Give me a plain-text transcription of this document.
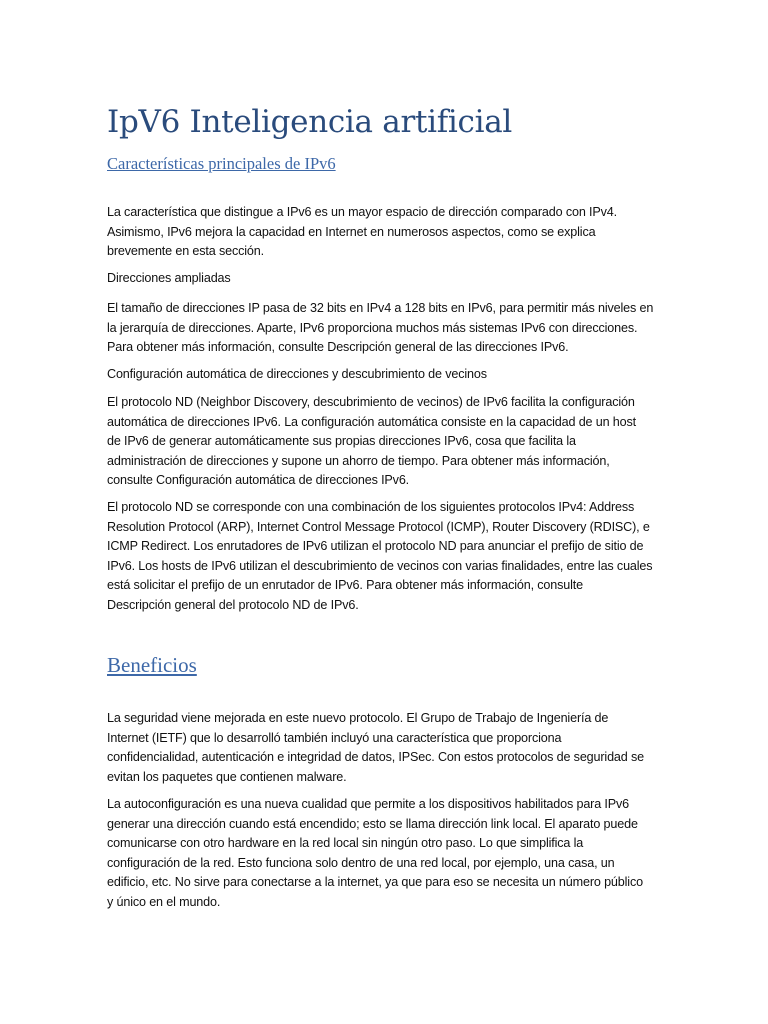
IpV6 Inteligencia artificial
Características principales de IPv6

La característica que distingue a IPv6 es un mayor espacio de dirección comparado con IPv4.
Asimismo, IPv6 mejora la capacidad en Internet en numerosos aspectos, como se explica
brevemente en esta sección.

Direcciones ampliadas

El tamaño de direcciones IP pasa de 32 bits en IPv4 a 128 bits en IPv6, para permitir más niveles en
la jerarquía de direcciones. Aparte, IPv6 proporciona muchos más sistemas IPv6 con direcciones.
Para obtener más información, consulte Descripción general de las direcciones IPv6.

Configuración automática de direcciones y descubrimiento de vecinos

El protocolo ND (Neighbor Discovery, descubrimiento de vecinos) de IPv6 facilita la configuración
automática de direcciones IPv6. La configuración automática consiste en la capacidad de un host
de IPv6 de generar automáticamente sus propias direcciones IPv6, cosa que facilita la
administración de direcciones y supone un ahorro de tiempo. Para obtener más información,
consulte Configuración automática de direcciones IPv6.

El protocolo ND se corresponde con una combinación de los siguientes protocolos IPv4: Address
Resolution Protocol (ARP), Internet Control Message Protocol (ICMP), Router Discovery (RDISC), e
ICMP Redirect. Los enrutadores de IPv6 utilizan el protocolo ND para anunciar el prefijo de sitio de
IPv6. Los hosts de IPv6 utilizan el descubrimiento de vecinos con varias finalidades, entre las cuales
está solicitar el prefijo de un enrutador de IPv6. Para obtener más información, consulte
Descripción general del protocolo ND de IPv6.

Beneficios

La seguridad viene mejorada en este nuevo protocolo. El Grupo de Trabajo de Ingeniería de
Internet (IETF) que lo desarrolló también incluyó una característica que proporciona
confidencialidad, autenticación e integridad de datos, IPSec. Con estos protocolos de seguridad se
evitan los paquetes que contienen malware.

La autoconfiguración es una nueva cualidad que permite a los dispositivos habilitados para IPv6
generar una dirección cuando está encendido; esto se llama dirección link local. El aparato puede
comunicarse con otro hardware en la red local sin ningún otro paso. Lo que simplifica la
configuración de la red. Esto funciona solo dentro de una red local, por ejemplo, una casa, un
edificio, etc. No sirve para conectarse a la internet, ya que para eso se necesita un número público
y único en el mundo.
